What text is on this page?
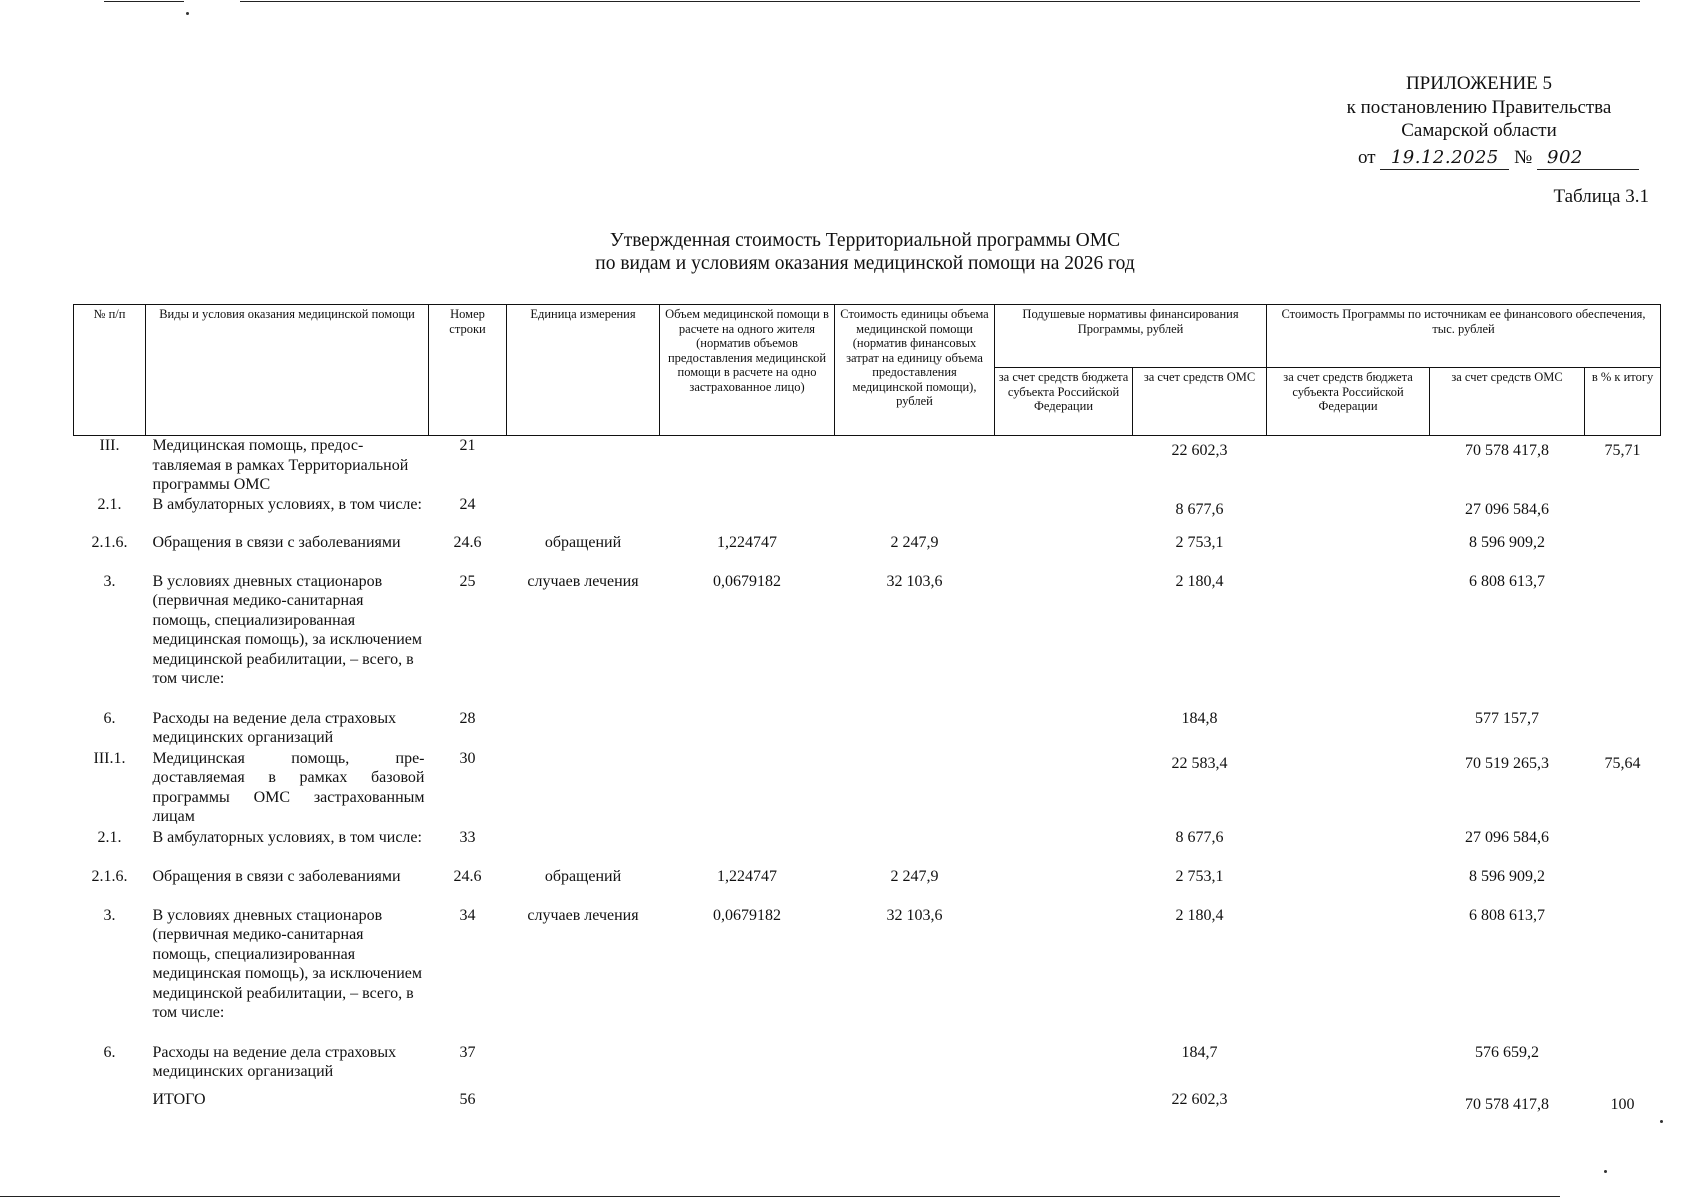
ПРИЛОЖЕНИЕ 5
к постановлению Правительства
Самарской области
от 19.12.2025 № 902
Таблица 3.1
Утвержденная стоимость Территориальной программы ОМС
по видам и условиям оказания медицинской помощи на 2026 год
№ п/п	Виды и условия оказания медицинской помощи	Номер строки	Единица измерения	Объем медицинской помощи в расчете на одного жителя (норматив объемов предоставления медицинской помощи в расчете на одно застрахованное лицо)	Стоимость единицы объема медицинской помощи (норматив финансовых затрат на единицу объема предоставления медицинской помощи), рублей	Подушевые нормативы финансирования Программы, рублей		Стоимость Программы по источникам ее финансового обеспечения, тыс. рублей		
						за счет средств бюджета субъекта Российской Федерации	за счет средств ОМС	за счет средств бюджета субъекта Российской Федерации	за счет средств ОМС	в % к итогу
III.	Медицинская помощь, предос-тавляемая в рамках Территориальной программы ОМС	21					22 602,3		70 578 417,8	75,71
2.1.	В амбулаторных условиях, в том числе:	24					8 677,6		27 096 584,6	
2.1.6.	Обращения в связи с заболеваниями	24.6	обращений	1,224747	2 247,9		2 753,1		8 596 909,2	
3.	В условиях дневных стационаров (первичная медико-санитарная помощь, специализированная медицинская помощь), за исключением медицинской реабилитации, – всего, в том числе:	25	случаев лечения	0,0679182	32 103,6		2 180,4		6 808 613,7	
6.	Расходы на ведение дела страховых медицинских организаций	28					184,8		577 157,7	
III.1.	Медицинская помощь, пре-доставляемая в рамках базовой программы ОМС застрахованным лицам	30					22 583,4		70 519 265,3	75,64
2.1.	В амбулаторных условиях, в том числе:	33					8 677,6		27 096 584,6	
2.1.6.	Обращения в связи с заболеваниями	24.6	обращений	1,224747	2 247,9		2 753,1		8 596 909,2	
3.	В условиях дневных стационаров (первичная медико-санитарная помощь, специализированная медицинская помощь), за исключением медицинской реабилитации, – всего, в том числе:	34	случаев лечения	0,0679182	32 103,6		2 180,4		6 808 613,7	
6.	Расходы на ведение дела страховых медицинских организаций	37					184,7		576 659,2	
	ИТОГО	56					22 602,3		70 578 417,8	100
